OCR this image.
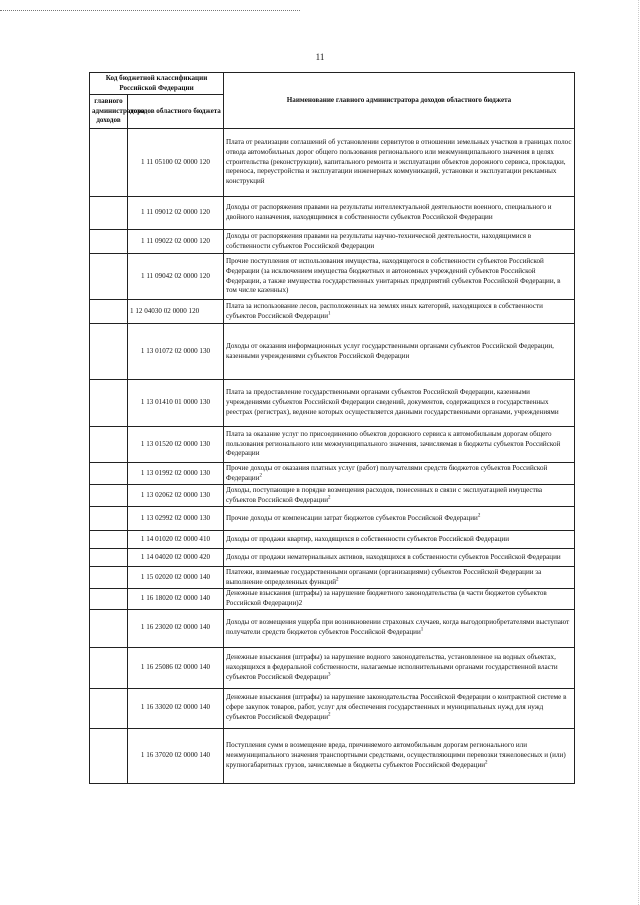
11
Код бюджетной классификации Российской Федерации		Наименование главного администратора доходов областного бюджета
главного администратора доходов	доходов областного бюджета	
	1 11 05100 02 0000 120	Плата от реализации соглашений об установлении сервитутов в отношении земельных участков в границах полос отвода автомобильных дорог общего пользования регионального или межмуниципального значения в целях строительства (реконструкции), капитального ремонта и эксплуатации объектов дорожного сервиса, прокладки, переноса, переустройства и эксплуатации инженерных коммуникаций, установки и эксплуатации рекламных конструкций
	1 11 09012 02 0000 120	Доходы от распоряжения правами на результаты интеллектуальной деятельности военного, специального и двойного назначения, находящимися в собственности субъектов Российской Федерации
	1 11 09022 02 0000 120	Доходы от распоряжения правами на результаты научно-технической деятельности, находящимися в собственности субъектов Российской Федерации
	1 11 09042 02 0000 120	Прочие поступления от использования имущества, находящегося в собственности субъектов Российской Федерации (за исключением имущества бюджетных и автономных учреждений субъектов Российской Федерации, а также имущества государственных унитарных предприятий субъектов Российской Федерации, в том числе казенных)
	1 12 04030 02 0000 120	Плата за использование лесов, расположенных на землях иных категорий, находящихся в собственности субъектов Российской Федерации$^1$
	1 13 01072 02 0000 130	Доходы от оказания информационных услуг государственными органами субъектов Российской Федерации, казенными учреждениями субъектов Российской Федерации
	1 13 01410 01 0000 130	Плата за предоставление государственными органами субъектов Российской Федерации, казенными учреждениями субъектов Российской Федерации сведений, документов, содержащихся в государственных реестрах (регистрах), ведение которых осуществляется данными государственными органами, учреждениями
	1 13 01520 02 0000 130	Плата за оказание услуг по присоединению объектов дорожного сервиса к автомобильным дорогам общего пользования регионального или межмуниципального значения, зачисляемая в бюджеты субъектов Российской Федерации
	1 13 01992 02 0000 130	Прочие доходы от оказания платных услуг (работ) получателями средств бюджетов субъектов Российской Федерации$^2$
	1 13 02062 02 0000 130	Доходы, поступающие в порядке возмещения расходов, понесенных в связи с эксплуатацией имущества субъектов Российской Федерации$^2$
	1 13 02992 02 0000 130	Прочие доходы от компенсации затрат бюджетов субъектов Российской Федерации$^2$
	1 14 01020 02 0000 410	Доходы от продажи квартир, находящихся в собственности субъектов Российской Федерации
	1 14 04020 02 0000 420	Доходы от продажи нематериальных активов, находящихся в собственности субъектов Российской Федерации
	1 15 02020 02 0000 140	Платежи, взимаемые государственными органами (организациями) субъектов Российской Федерации за выполнение определенных функций$^2$
	1 16 18020 02 0000 140	Денежные взыскания (штрафы) за нарушение бюджетного законодательства (в части бюджетов субъектов Российской Федерации)2
	1 16 23020 02 0000 140	Доходы от возмещения ущерба при возникновении страховых случаев, когда выгодоприобретателями выступают получатели средств бюджетов субъектов Российской Федерации$^1$
	1 16 25086 02 0000 140	Денежные взыскания (штрафы) за нарушение водного законодательства, установленное на водных объектах, находящихся в федеральной собственности, налагаемые исполнительными органами государственной власти субъектов Российской Федерации$^3$
	1 16 33020 02 0000 140	Денежные взыскания (штрафы) за нарушение законодательства Российской Федерации о контрактной системе в сфере закупок товаров, работ, услуг для обеспечения государственных и муниципальных нужд для нужд субъектов Российской Федерации$^2$
	1 16 37020 02 0000 140	Поступления сумм в возмещение вреда, причиняемого автомобильным дорогам регионального или межмуниципального значения транспортными средствами, осуществляющими перевозки тяжеловесных и (или) крупногабаритных грузов, зачисляемые в бюджеты субъектов Российской Федерации$^2$
